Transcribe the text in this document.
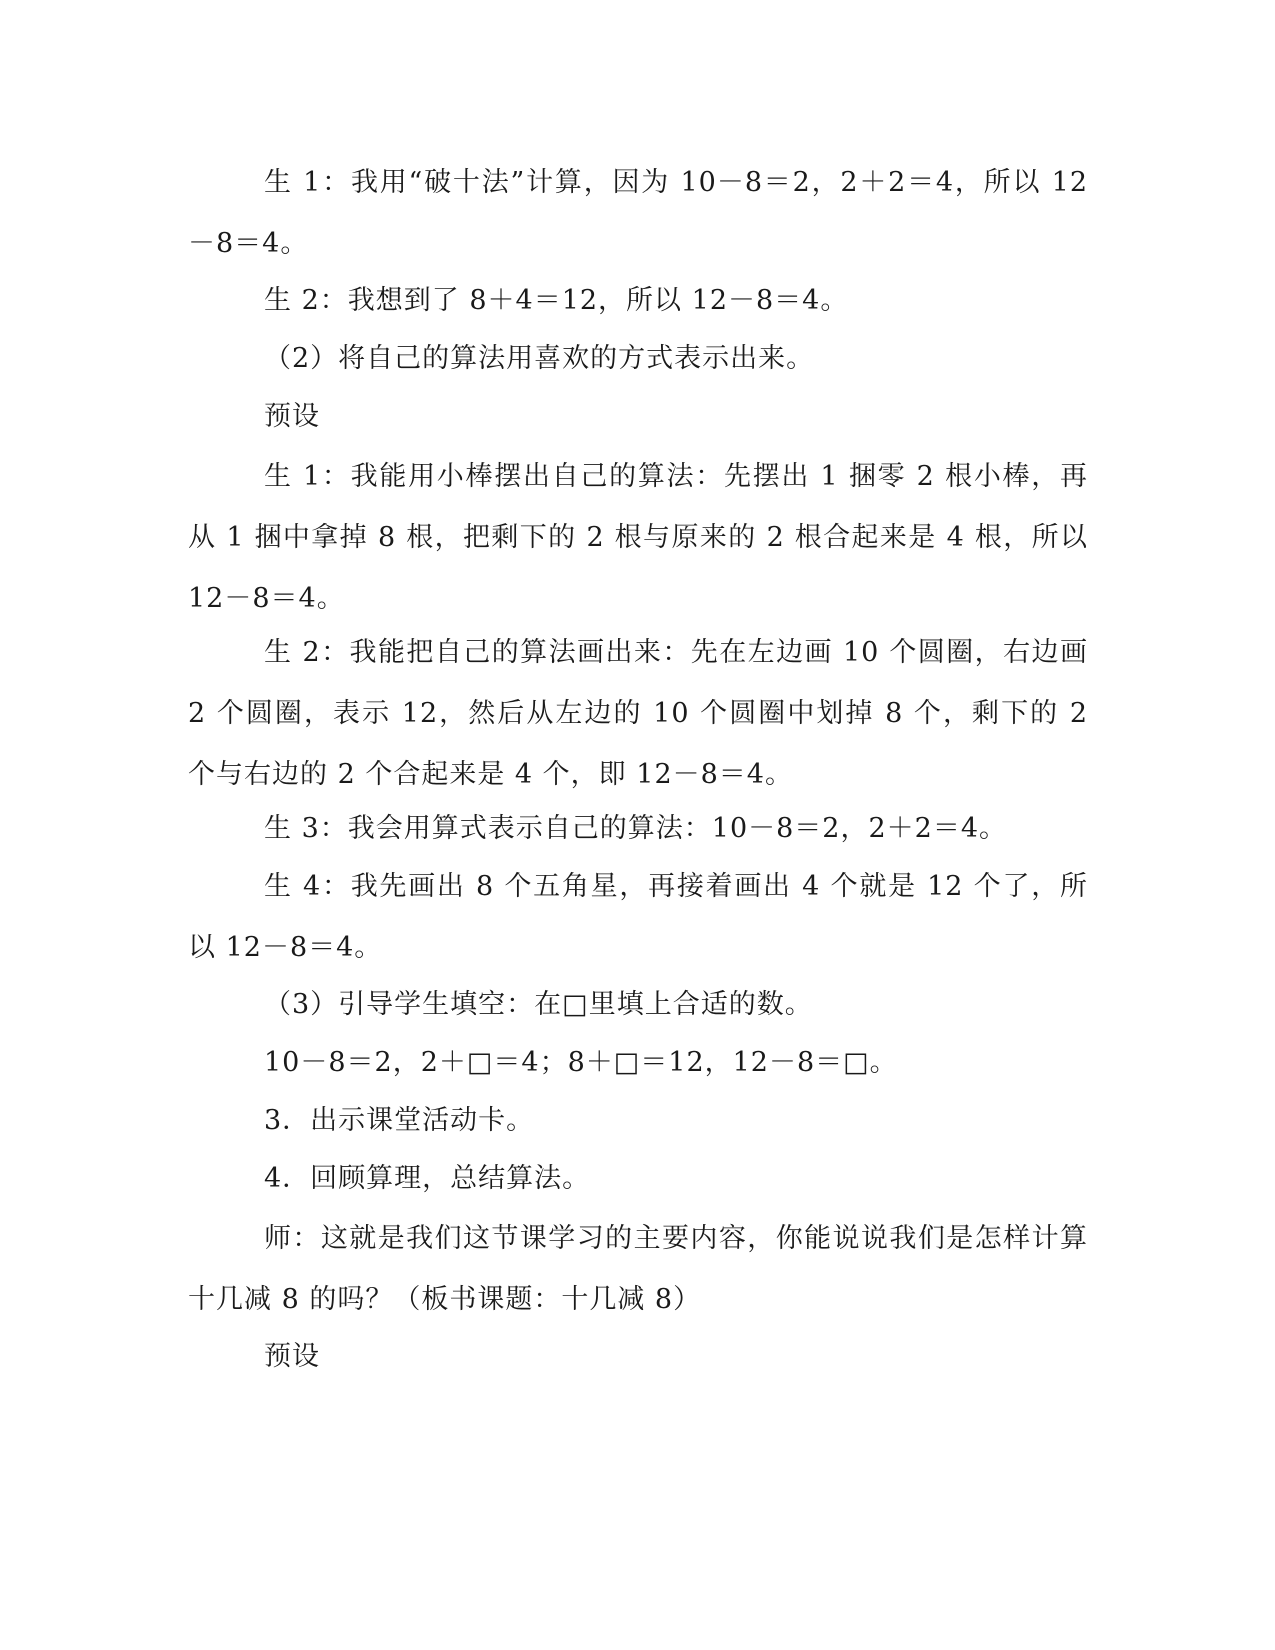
生 1：我用“破十法”计算，因为 10－8＝2，2＋2＝4，所以 12－8＝4。

生 2：我想到了 8＋4＝12，所以 12－8＝4。

（2）将自己的算法用喜欢的方式表示出来。

预设

生 1：我能用小棒摆出自己的算法：先摆出 1 捆零 2 根小棒，再从 1 捆中拿掉 8 根，把剩下的 2 根与原来的 2 根合起来是 4 根，所以 12－8＝4。

生 2：我能把自己的算法画出来：先在左边画 10 个圆圈，右边画 2 个圆圈，表示 12，然后从左边的 10 个圆圈中划掉 8 个，剩下的 2 个与右边的 2 个合起来是 4 个，即 12－8＝4。

生 3：我会用算式表示自己的算法：10－8＝2，2＋2＝4。

生 4：我先画出 8 个五角星，再接着画出 4 个就是 12 个了，所以 12－8＝4。

（3）引导学生填空：在□里填上合适的数。

10－8＝2，2＋□＝4；8＋□＝12，12－8＝□。

3．出示课堂活动卡。

4．回顾算理，总结算法。

师：这就是我们这节课学习的主要内容，你能说说我们是怎样计算十几减 8 的吗？（板书课题：十几减 8）

预设
